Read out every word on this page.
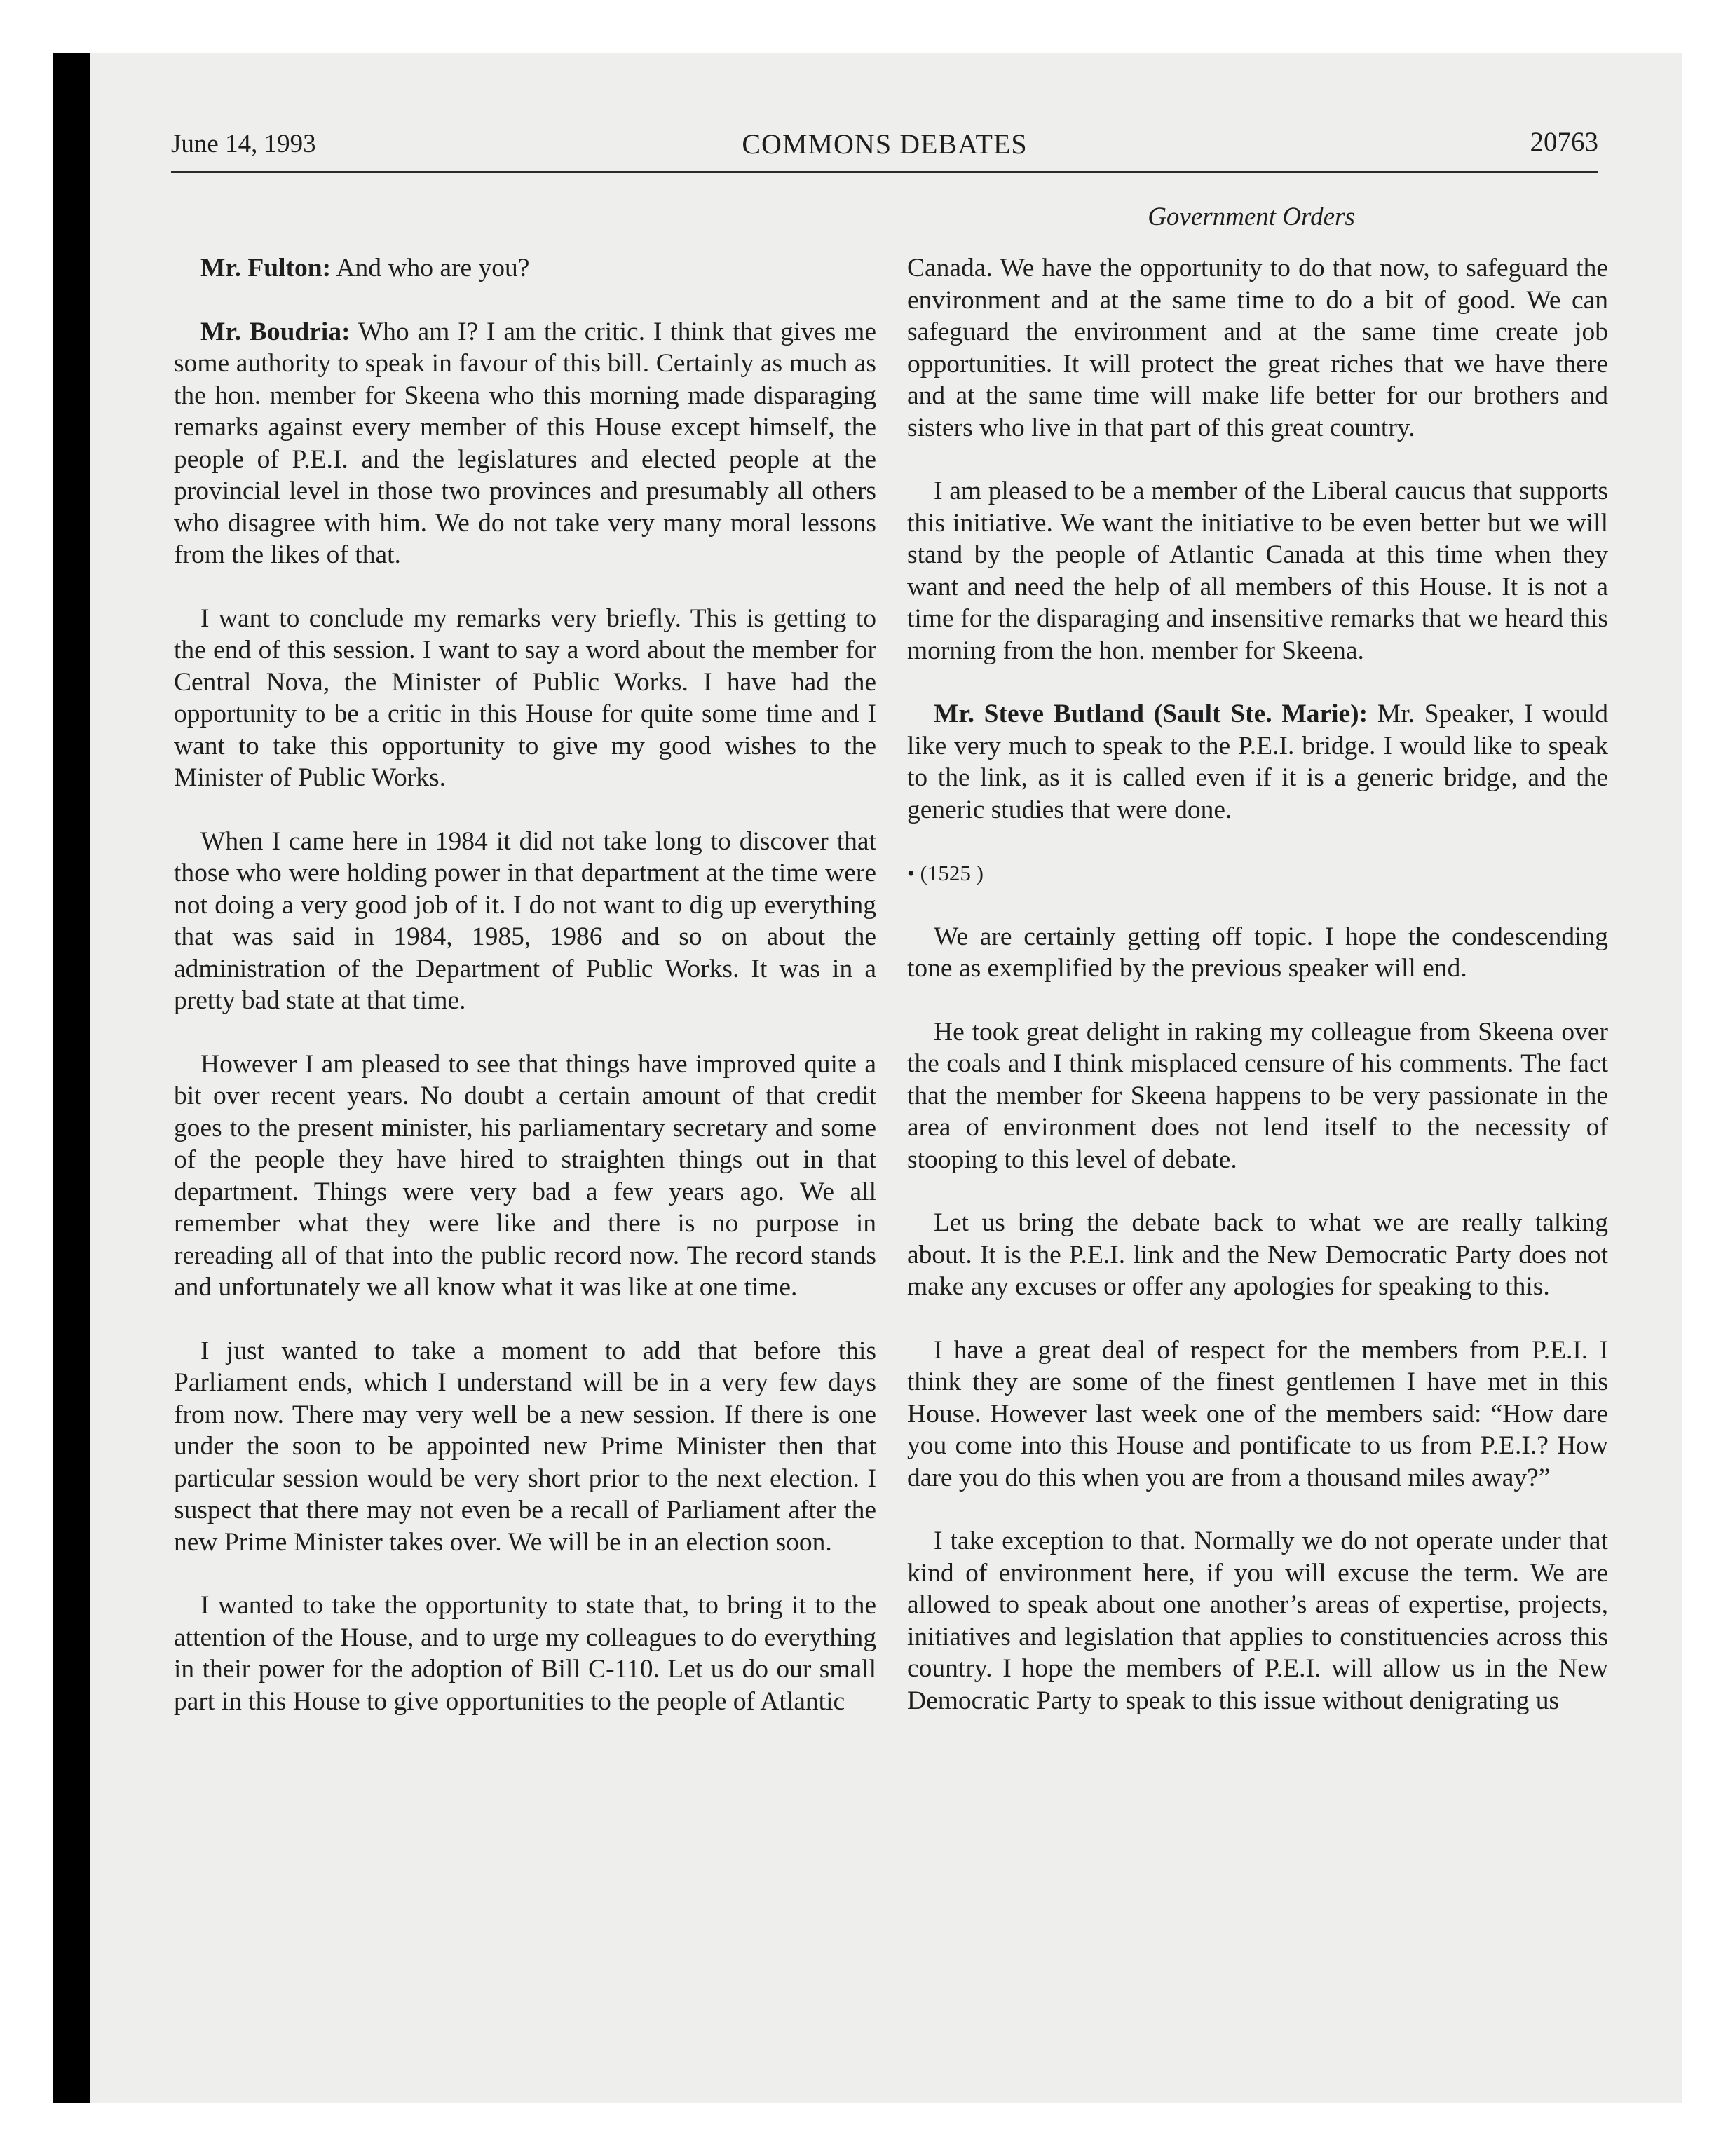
June 14, 1993	COMMONS DEBATES	20763
Government Orders

Mr. Fulton: And who are you?

Mr. Boudria: Who am I? I am the critic. I think that gives me some authority to speak in favour of this bill. Certainly as much as the hon. member for Skeena who this morning made disparaging remarks against every member of this House except himself, the people of P.E.I. and the legislatures and elected people at the provincial level in those two provinces and presumably all others who disagree with him. We do not take very many moral lessons from the likes of that.

I want to conclude my remarks very briefly. This is getting to the end of this session. I want to say a word about the member for Central Nova, the Minister of Public Works. I have had the opportunity to be a critic in this House for quite some time and I want to take this opportunity to give my good wishes to the Minister of Public Works.

When I came here in 1984 it did not take long to discover that those who were holding power in that department at the time were not doing a very good job of it. I do not want to dig up everything that was said in 1984, 1985, 1986 and so on about the administration of the Department of Public Works. It was in a pretty bad state at that time.

However I am pleased to see that things have improved quite a bit over recent years. No doubt a certain amount of that credit goes to the present minister, his parliamentary secretary and some of the people they have hired to straighten things out in that department. Things were very bad a few years ago. We all remember what they were like and there is no purpose in rereading all of that into the public record now. The record stands and unfortunately we all know what it was like at one time.

I just wanted to take a moment to add that before this Parliament ends, which I understand will be in a very few days from now. There may very well be a new session. If there is one under the soon to be appointed new Prime Minister then that particular session would be very short prior to the next election. I suspect that there may not even be a recall of Parliament after the new Prime Minister takes over. We will be in an election soon.

I wanted to take the opportunity to state that, to bring it to the attention of the House, and to urge my colleagues to do everything in their power for the adoption of Bill C-110. Let us do our small part in this House to give opportunities to the people of Atlantic

Canada. We have the opportunity to do that now, to safeguard the environment and at the same time to do a bit of good. We can safeguard the environment and at the same time create job opportunities. It will protect the great riches that we have there and at the same time will make life better for our brothers and sisters who live in that part of this great country.

I am pleased to be a member of the Liberal caucus that supports this initiative. We want the initiative to be even better but we will stand by the people of Atlantic Canada at this time when they want and need the help of all members of this House. It is not a time for the disparaging and insensitive remarks that we heard this morning from the hon. member for Skeena.

Mr. Steve Butland (Sault Ste. Marie): Mr. Speaker, I would like very much to speak to the P.E.I. bridge. I would like to speak to the link, as it is called even if it is a generic bridge, and the generic studies that were done.

• (1525 )

We are certainly getting off topic. I hope the condescending tone as exemplified by the previous speaker will end.

He took great delight in raking my colleague from Skeena over the coals and I think misplaced censure of his comments. The fact that the member for Skeena happens to be very passionate in the area of environment does not lend itself to the necessity of stooping to this level of debate.

Let us bring the debate back to what we are really talking about. It is the P.E.I. link and the New Democratic Party does not make any excuses or offer any apologies for speaking to this.

I have a great deal of respect for the members from P.E.I. I think they are some of the finest gentlemen I have met in this House. However last week one of the members said: “How dare you come into this House and pontificate to us from P.E.I.? How dare you do this when you are from a thousand miles away?”

I take exception to that. Normally we do not operate under that kind of environment here, if you will excuse the term. We are allowed to speak about one another’s areas of expertise, projects, initiatives and legislation that applies to constituencies across this country. I hope the members of P.E.I. will allow us in the New Democratic Party to speak to this issue without denigrating us
